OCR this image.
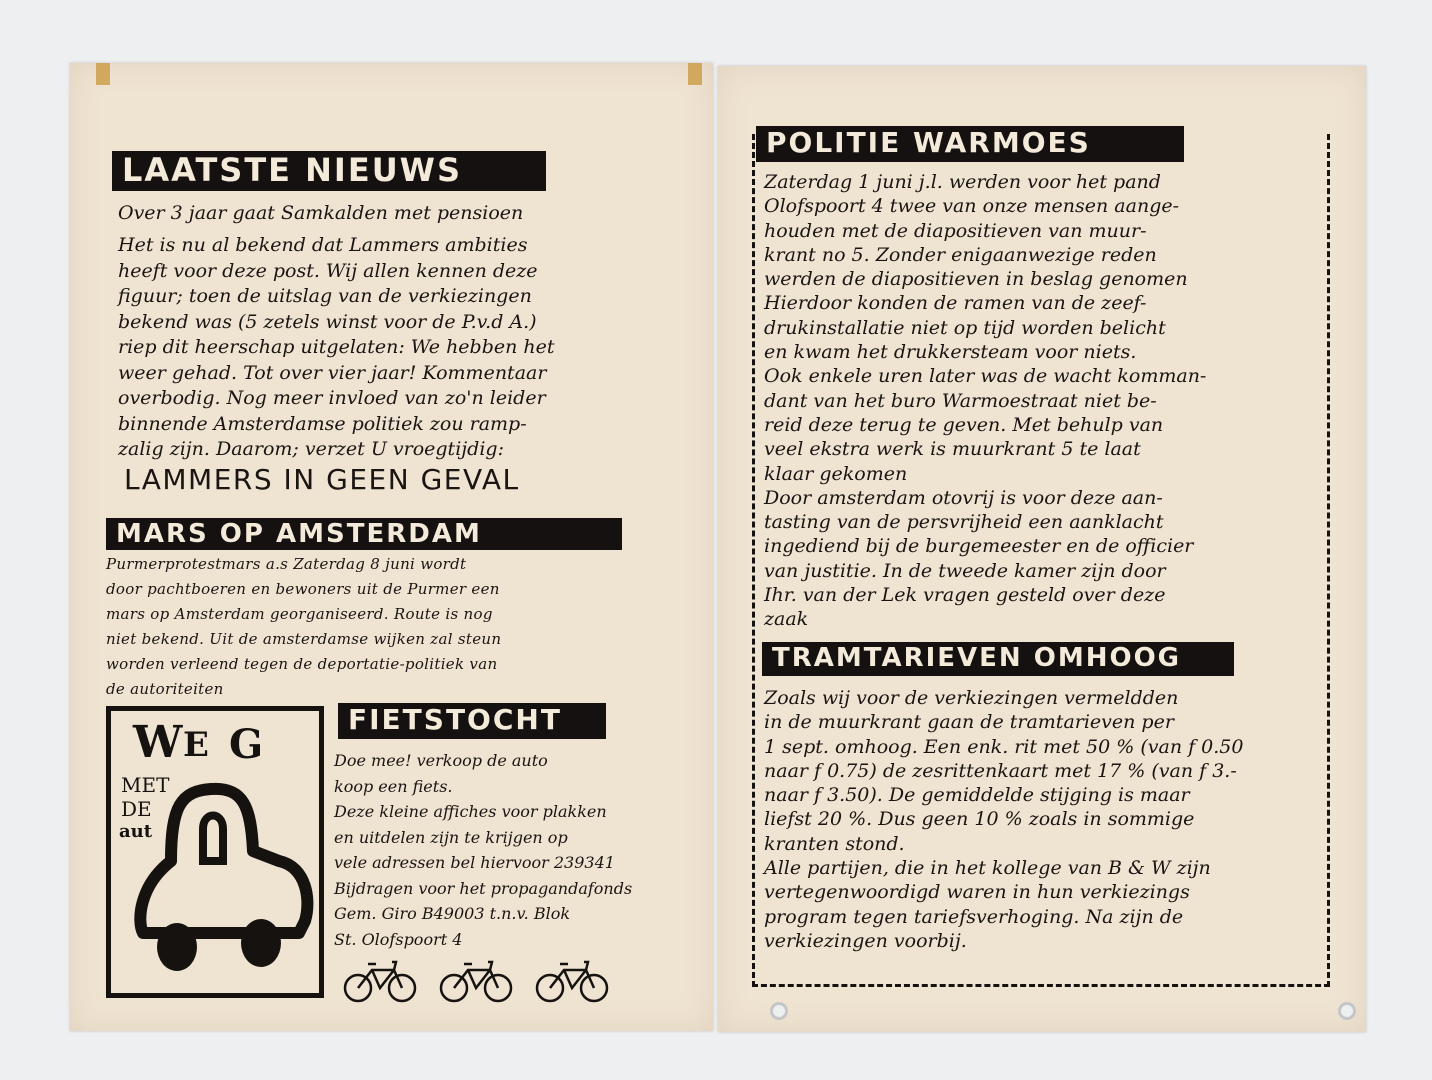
LAATSTE NIEUWS
Over 3 jaar gaat Samkalden met pensioen
Het is nu al bekend dat Lammers ambities
heeft voor deze post. Wij allen kennen deze
figuur; toen de uitslag van de verkiezingen
bekend was (5 zetels winst voor de P.v.d A.)
riep dit heerschap uitgelaten: We hebben het
weer gehad. Tot over vier jaar! Kommentaar
overbodig. Nog meer invloed van zo'n leider
binnende Amsterdamse politiek zou ramp-
zalig zijn. Daarom; verzet U vroegtijdig:
LAMMERS IN GEEN GEVAL
MARS OP AMSTERDAM
Purmerprotestmars a.s Zaterdag 8 juni wordt
door pachtboeren en bewoners uit de Purmer een
mars op Amsterdam georganiseerd. Route is nog
niet bekend. Uit de amsterdamse wijken zal steun
worden verleend tegen de deportatie-politiek van
de autoriteiten
W E G
MET
DE
aut
FIETSTOCHT
Doe mee! verkoop de auto
koop een fiets.
Deze kleine affiches voor plakken
en uitdelen zijn te krijgen op
vele adressen bel hiervoor 239341
Bijdragen voor het propagandafonds
Gem. Giro B49003 t.n.v. Blok
St. Olofspoort 4
POLITIE WARMOES
Zaterdag 1 juni j.l. werden voor het pand
Olofspoort 4 twee van onze mensen aange-
houden met de diapositieven van muur-
krant no 5. Zonder enigaanwezige reden
werden de diapositieven in beslag genomen
Hierdoor konden de ramen van de zeef-
drukinstallatie niet op tijd worden belicht
en kwam het drukkersteam voor niets.
Ook enkele uren later was de wacht komman-
dant van het buro Warmoestraat niet be-
reid deze terug te geven. Met behulp van
veel ekstra werk is muurkrant 5 te laat
klaar gekomen
Door amsterdam otovrij is voor deze aan-
tasting van de persvrijheid een aanklacht
ingediend bij de burgemeester en de officier
van justitie. In de tweede kamer zijn door
Ihr. van der Lek vragen gesteld over deze
zaak
TRAMTARIEVEN OMHOOG
Zoals wij voor de verkiezingen vermeldden
in de muurkrant gaan de tramtarieven per
1 sept. omhoog. Een enk. rit met 50 % (van f 0.50
naar f 0.75) de zesrittenkaart met 17 % (van f 3.-
naar f 3.50). De gemiddelde stijging is maar
liefst 20 %. Dus geen 10 % zoals in sommige
kranten stond.
Alle partijen, die in het kollege van B & W zijn
vertegenwoordigd waren in hun verkiezings
program tegen tariefsverhoging. Na zijn de
verkiezingen voorbij.
